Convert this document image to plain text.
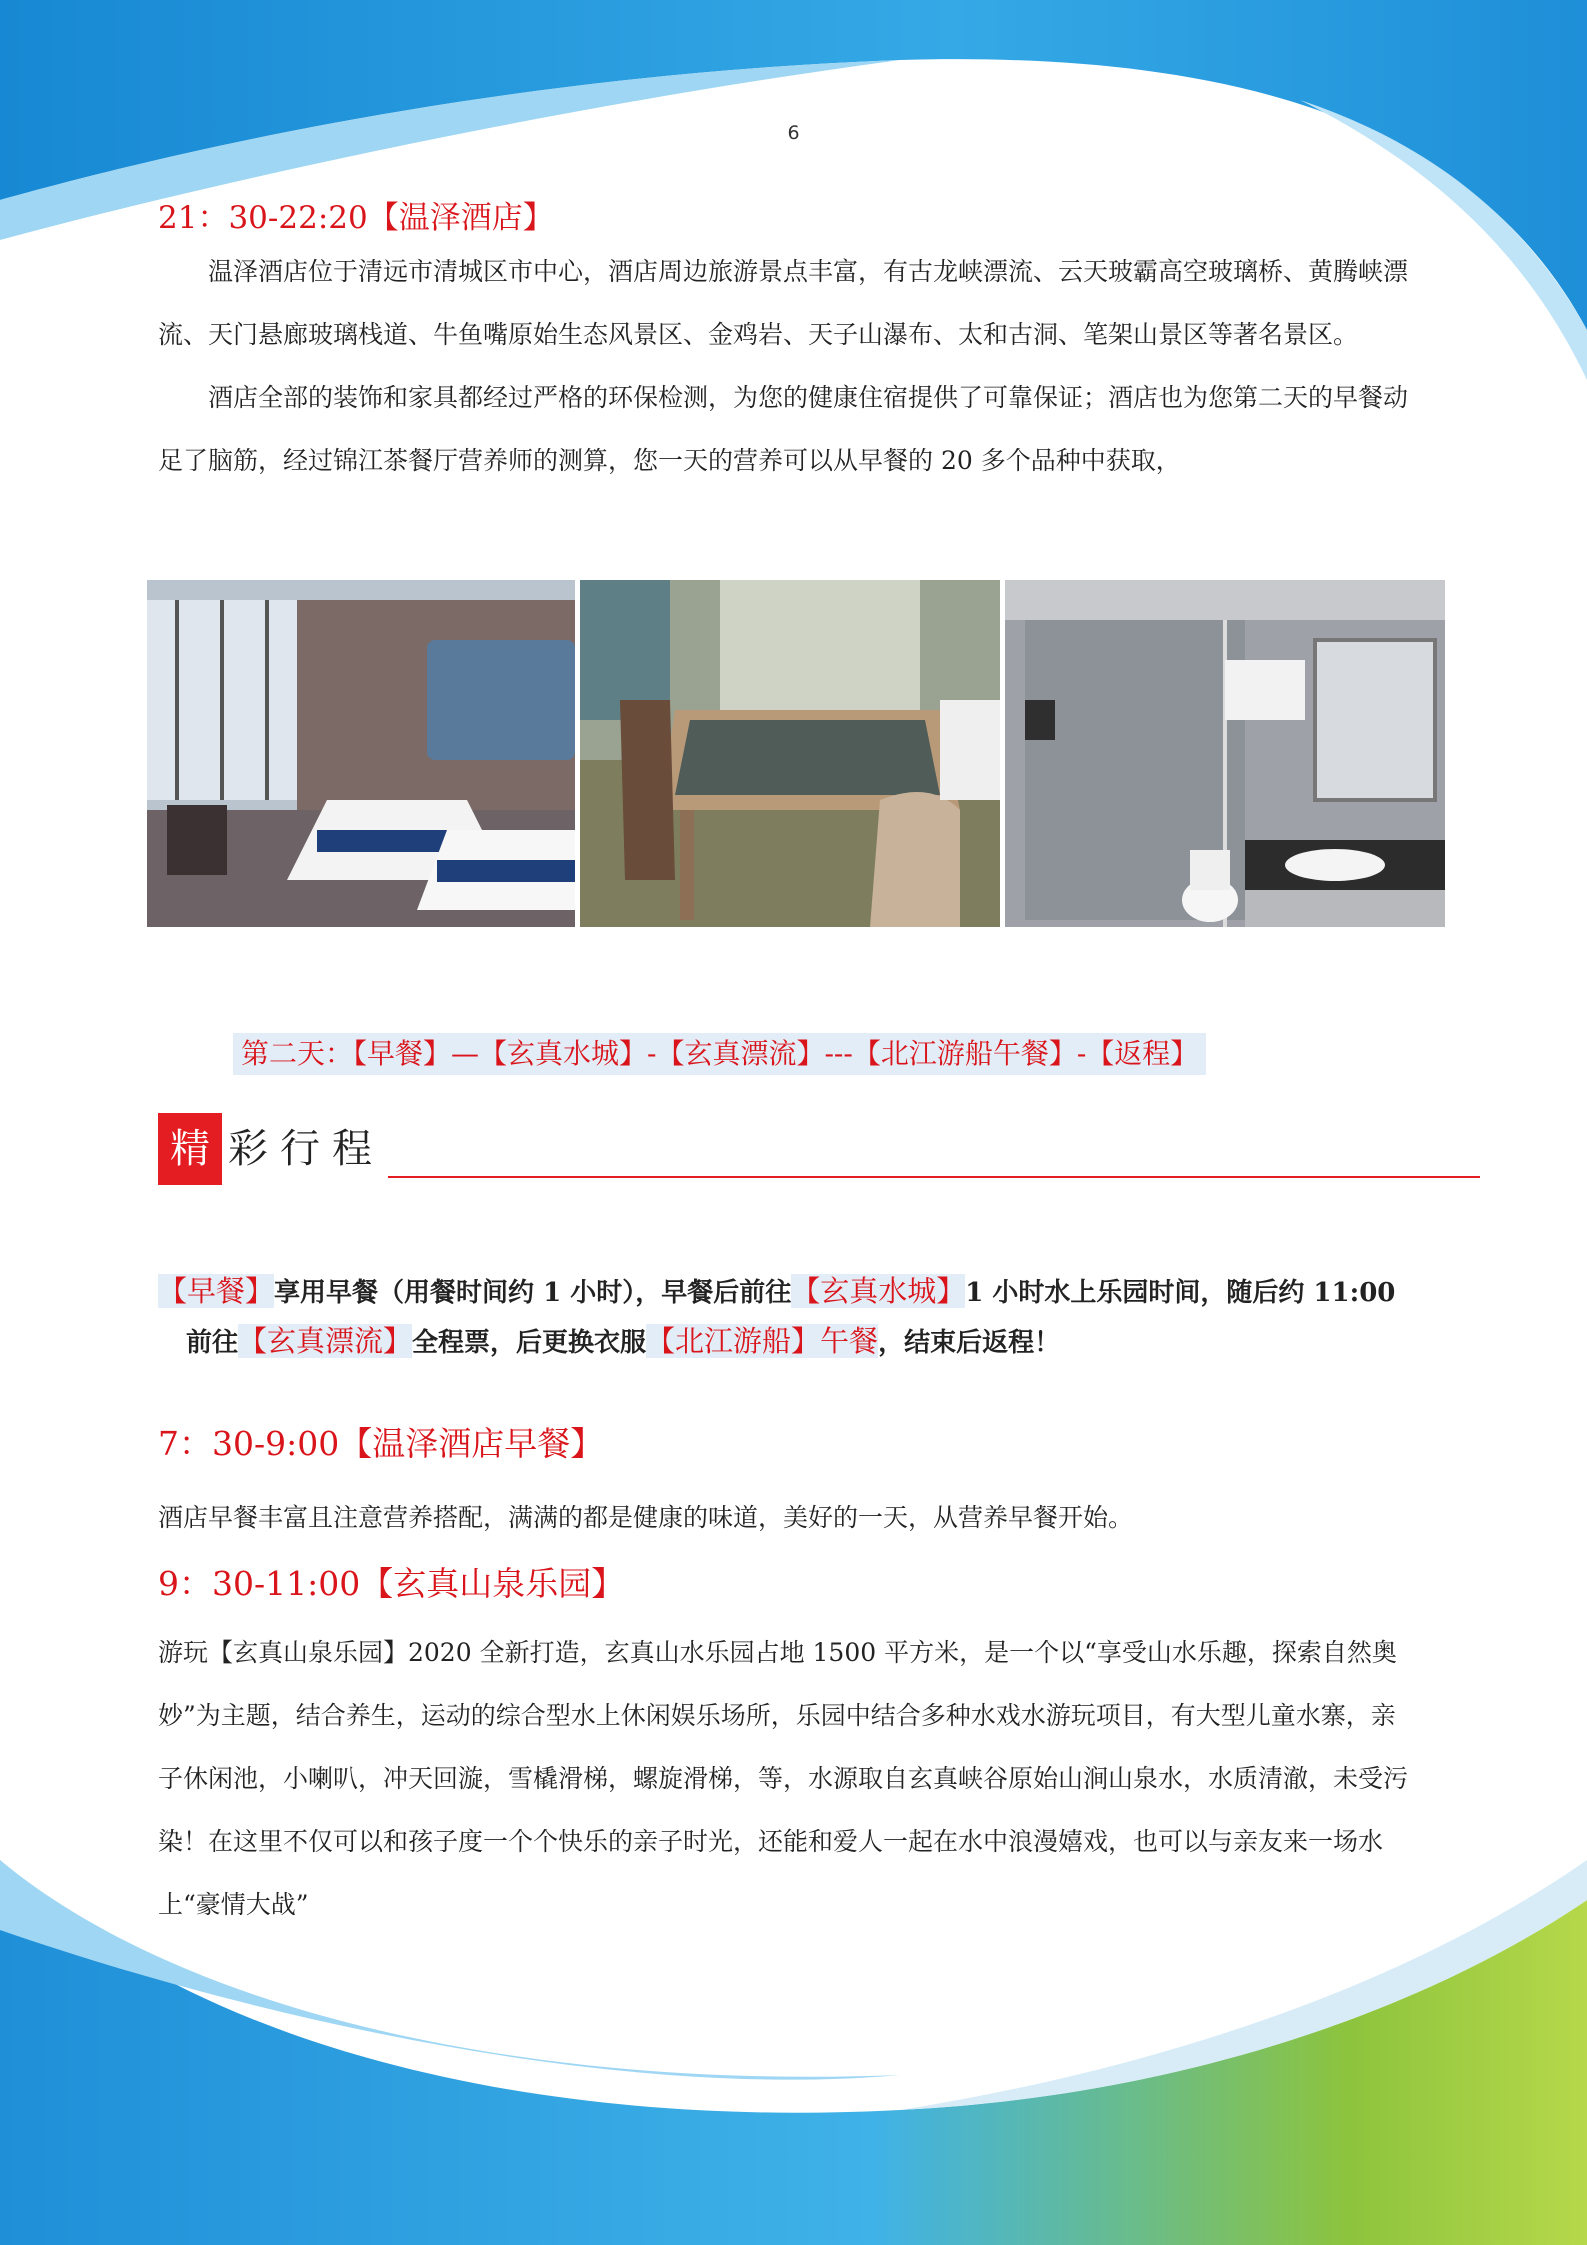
6
21：30-22:20【温泽酒店】

温泽酒店位于清远市清城区市中心，酒店周边旅游景点丰富，有古龙峡漂流、云天玻霸高空玻璃桥、黄腾峡漂流、天门悬廊玻璃栈道、牛鱼嘴原始生态风景区、金鸡岩、天子山瀑布、太和古洞、笔架山景区等著名景区。

酒店全部的装饰和家具都经过严格的环保检测，为您的健康住宿提供了可靠保证；酒店也为您第二天的早餐动足了脑筋，经过锦江茶餐厅营养师的测算，您一天的营养可以从早餐的 20 多个品种中获取，

第二天：【早餐】—【玄真水城】-【玄真漂流】---【北江游船午餐】-【返程】
精 彩行程
【早餐】享用早餐（用餐时间约 1 小时），早餐后前往【玄真水城】1 小时水上乐园时间，随后约 11:00
前往【玄真漂流】全程票，后更换衣服【北江游船】午餐，结束后返程！
7：30-9:00【温泽酒店早餐】
酒店早餐丰富且注意营养搭配，满满的都是健康的味道，美好的一天，从营养早餐开始。
9：30-11:00【玄真山泉乐园】
游玩【玄真山泉乐园】2020 全新打造，玄真山水乐园占地 1500 平方米，是一个以“享受山水乐趣，探索自然奥妙”为主题，结合养生，运动的综合型水上休闲娱乐场所，乐园中结合多种水戏水游玩项目，有大型儿童水寨，亲子休闲池，小喇叭，冲天回漩，雪橇滑梯，螺旋滑梯，等，水源取自玄真峡谷原始山涧山泉水，水质清澈，未受污染！在这里不仅可以和孩子度一个个快乐的亲子时光，还能和爱人一起在水中浪漫嬉戏，也可以与亲友来一场水上“豪情大战”
